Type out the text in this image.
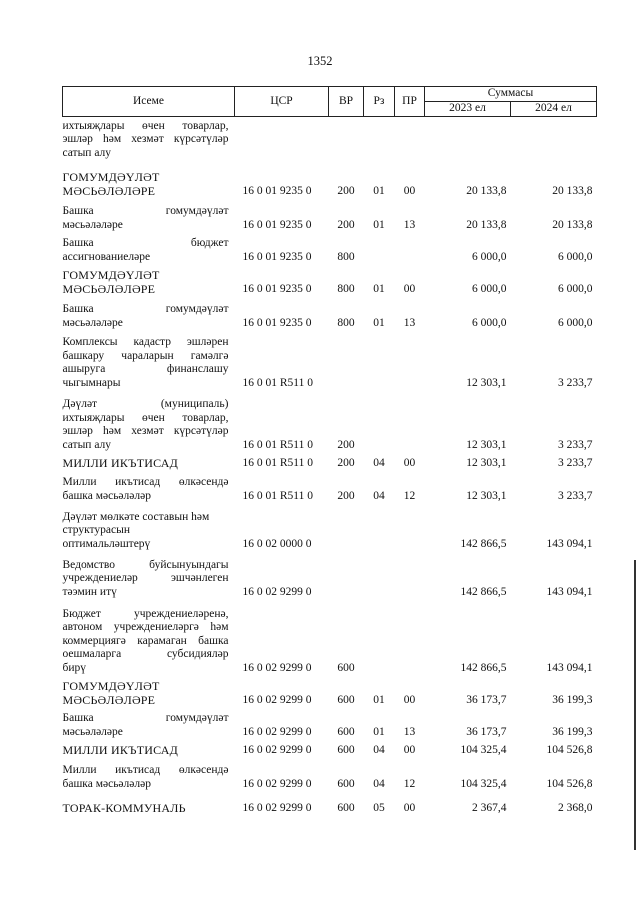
1352
Исеме	ЦСР	ВР	Рз	ПР	Суммасы	
					2023 ел	2024 ел

ихтыяҗлары өчен товарлар,
эшләр һәм хезмәт күрсәтүләр
сатып алу						

ГОМУМДӘҮЛӘТ
МӘСЬӘЛӘЛӘРЕ	16 0 01 9235 0	200	01	00	20 133,8	20 133,8

Башка гомумдәүләт
мәсьәләләре	16 0 01 9235 0	200	01	13	20 133,8	20 133,8

Башка бюджет
ассигнованиеләре	16 0 01 9235 0	800			6 000,0	6 000,0

ГОМУМДӘҮЛӘТ
МӘСЬӘЛӘЛӘРЕ	16 0 01 9235 0	800	01	00	6 000,0	6 000,0

Башка гомумдәүләт
мәсьәләләре	16 0 01 9235 0	800	01	13	6 000,0	6 000,0

Комплексы кадастр эшләрен
башкару чараларын гамәлгә
ашыруга финанслашу
чыгымнары	16 0 01 R511 0				12 303,1	3 233,7

Дәүләт (муниципаль)
ихтыяҗлары өчен товарлар,
эшләр һәм хезмәт күрсәтүләр
сатып алу	16 0 01 R511 0	200			12 303,1	3 233,7

МИЛЛИ ИКЪТИСАД	16 0 01 R511 0	200	04	00	12 303,1	3 233,7

Милли икътисад өлкәсендә
башка мәсьәләләр	16 0 01 R511 0	200	04	12	12 303,1	3 233,7

Дәүләт мөлкәте составын һәм
структурасын
оптимальләштерү	16 0 02 0000 0				142 866,5	143 094,1

Ведомство буйсынуындагы
учреждениеләр эшчәнлеген
тәэмин итү	16 0 02 9299 0				142 866,5	143 094,1

Бюджет учреждениеләренә,
автоном учреждениеләргә һәм
коммерциягә карамаган башка
оешмаларга субсидияләр
бирү	16 0 02 9299 0	600			142 866,5	143 094,1

ГОМУМДӘҮЛӘТ
МӘСЬӘЛӘЛӘРЕ	16 0 02 9299 0	600	01	00	36 173,7	36 199,3

Башка гомумдәүләт
мәсьәләләре	16 0 02 9299 0	600	01	13	36 173,7	36 199,3

МИЛЛИ ИКЪТИСАД	16 0 02 9299 0	600	04	00	104 325,4	104 526,8

Милли икътисад өлкәсендә
башка мәсьәләләр	16 0 02 9299 0	600	04	12	104 325,4	104 526,8

ТОРАК-КОММУНАЛЬ	16 0 02 9299 0	600	05	00	2 367,4	2 368,0
